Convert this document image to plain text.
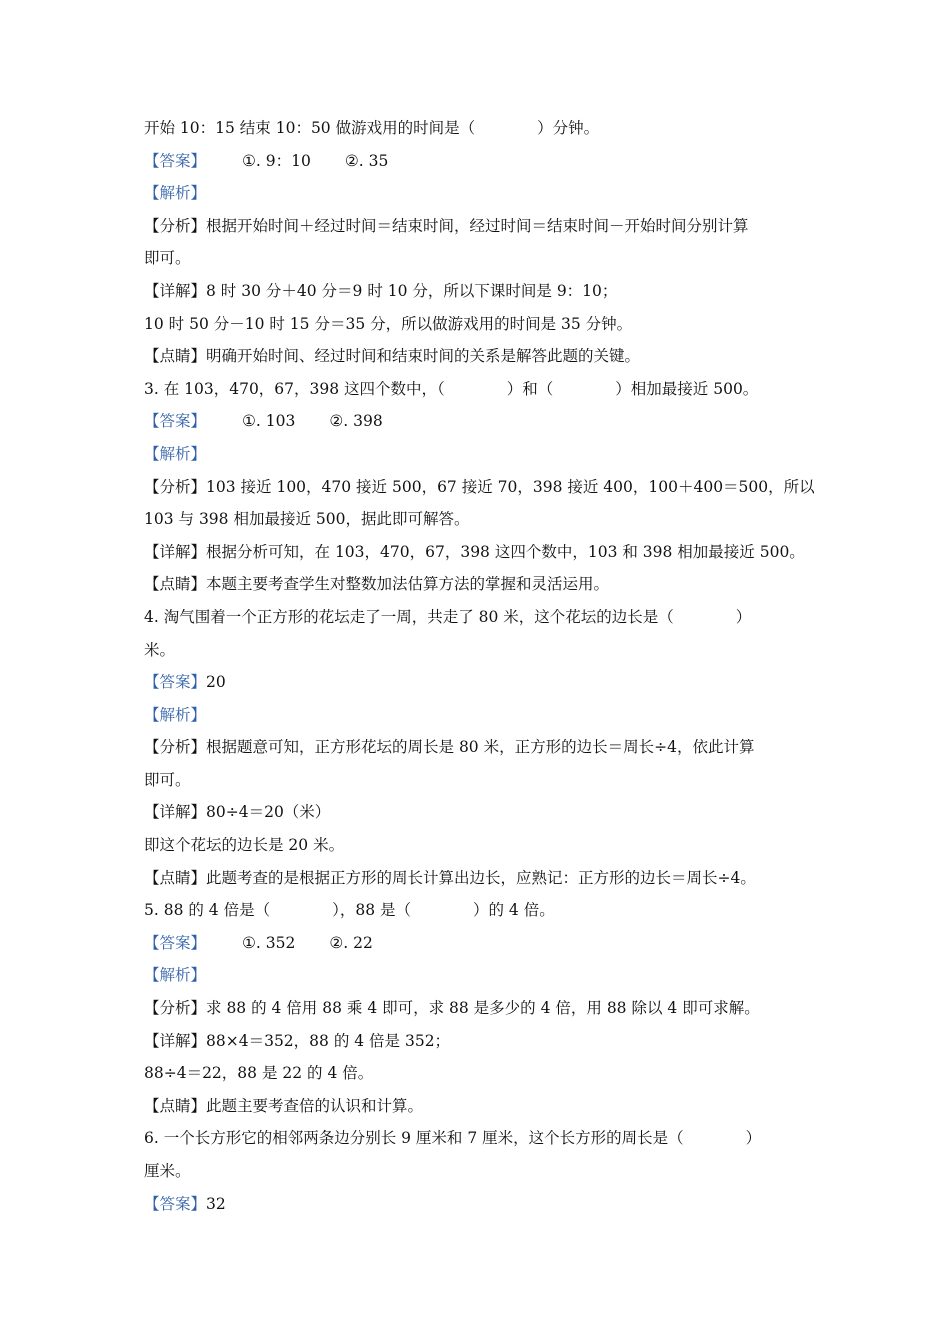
开始 10：15 结束 10：50 做游戏用的时间是（　　　　）分钟。
【答案】 ①. 9：10 ②. 35
【解析】
【分析】根据开始时间＋经过时间＝结束时间，经过时间＝结束时间－开始时间分别计算
即可。
【详解】8 时 30 分＋40 分＝9 时 10 分，所以下课时间是 9：10；
10 时 50 分－10 时 15 分＝35 分，所以做游戏用的时间是 35 分钟。
【点睛】明确开始时间、经过时间和结束时间的关系是解答此题的关键。
3. 在 103，470，67，398 这四个数中，（　　　　）和（　　　　）相加最接近 500。
【答案】 ①. 103 ②. 398
【解析】
【分析】103 接近 100，470 接近 500，67 接近 70，398 接近 400，100＋400＝500，所以
103 与 398 相加最接近 500，据此即可解答。
【详解】根据分析可知，在 103，470，67，398 这四个数中，103 和 398 相加最接近 500。
【点睛】本题主要考查学生对整数加法估算方法的掌握和灵活运用。
4. 淘气围着一个正方形的花坛走了一周，共走了 80 米，这个花坛的边长是（　　　　）
米。
【答案】20
【解析】
【分析】根据题意可知，正方形花坛的周长是 80 米，正方形的边长＝周长÷4，依此计算
即可。
【详解】80÷4＝20（米）
即这个花坛的边长是 20 米。
【点睛】此题考查的是根据正方形的周长计算出边长，应熟记：正方形的边长＝周长÷4。
5. 88 的 4 倍是（　　　　），88 是（　　　　）的 4 倍。
【答案】 ①. 352 ②. 22
【解析】
【分析】求 88 的 4 倍用 88 乘 4 即可，求 88 是多少的 4 倍，用 88 除以 4 即可求解。
【详解】88×4＝352，88 的 4 倍是 352；
88÷4＝22，88 是 22 的 4 倍。
【点睛】此题主要考查倍的认识和计算。
6. 一个长方形它的相邻两条边分别长 9 厘米和 7 厘米，这个长方形的周长是（　　　　）
厘米。
【答案】32
